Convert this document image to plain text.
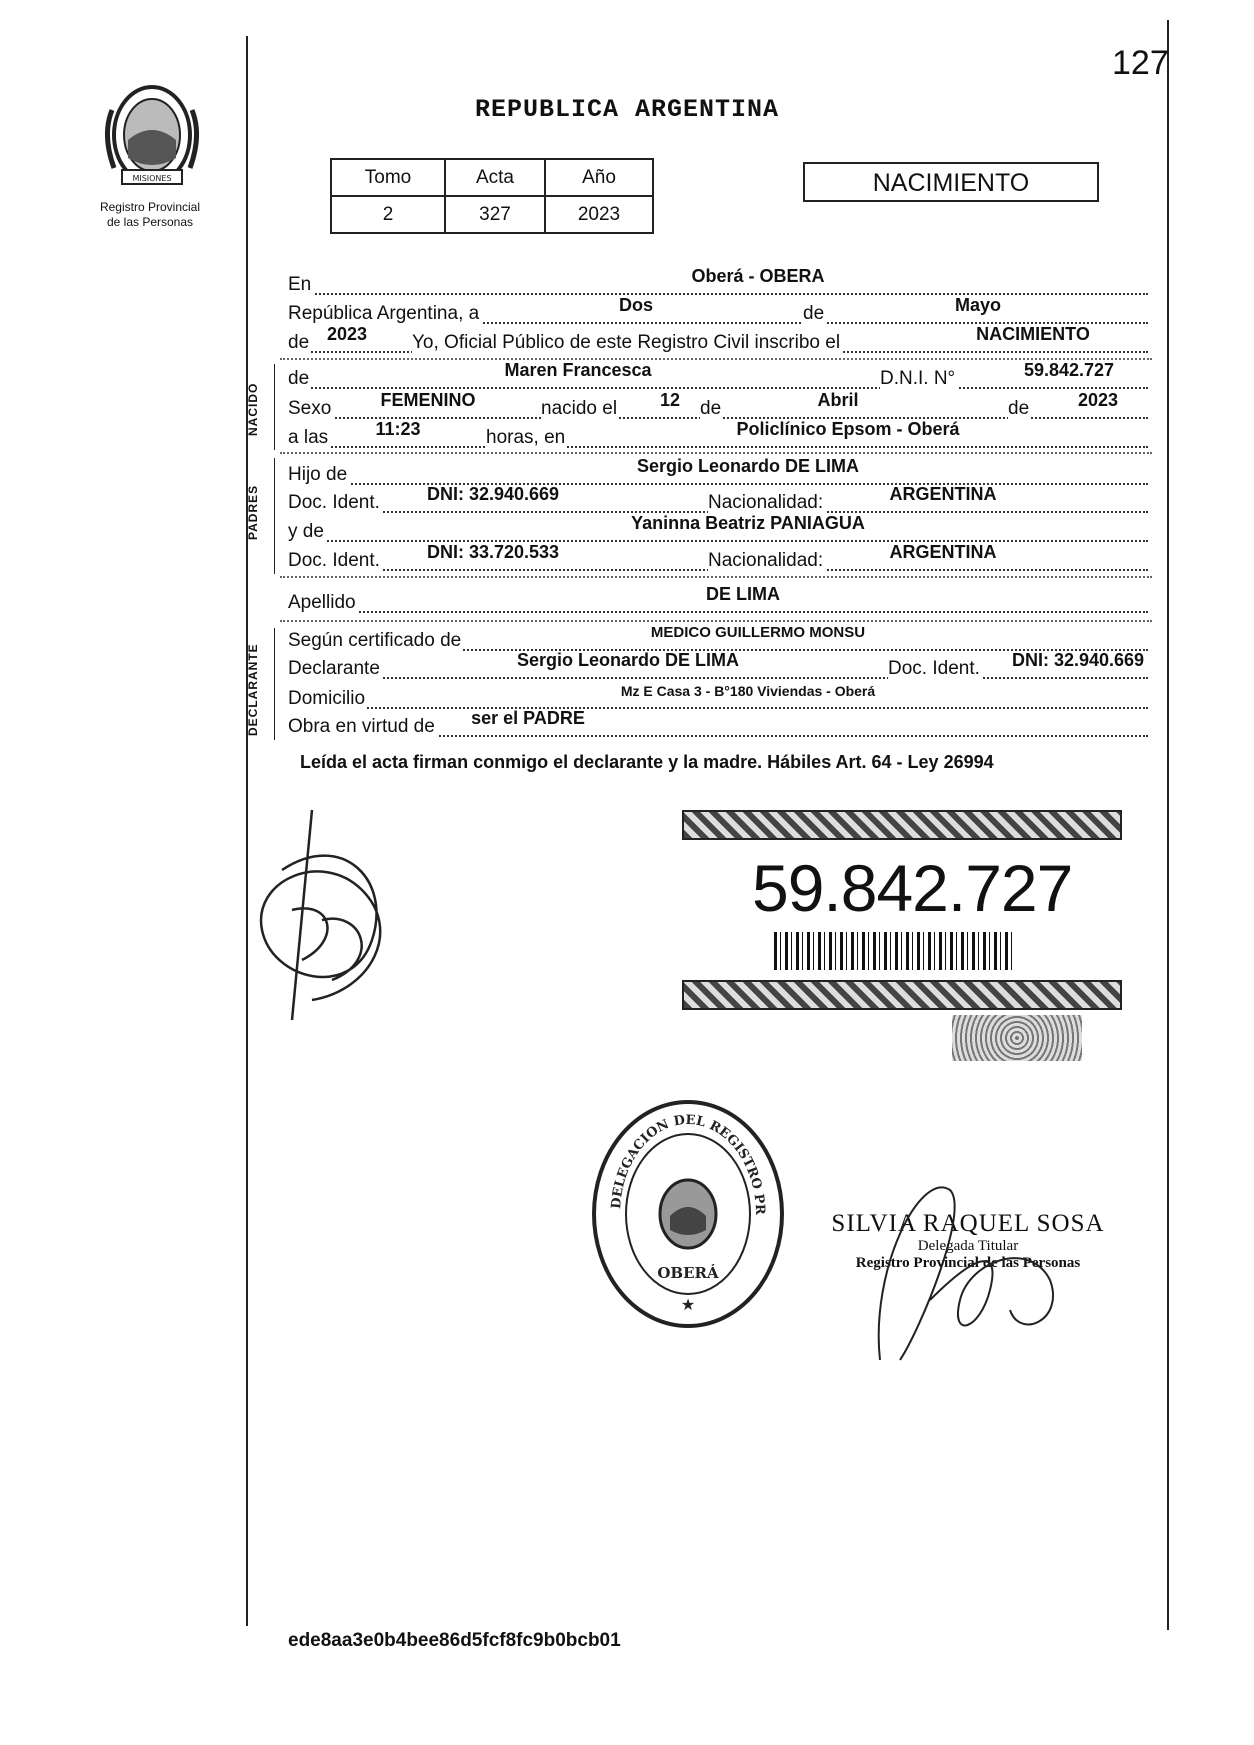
127
REPUBLICA ARGENTINA
MISIONES
Registro Provincial
de las Personas
Tomo	Acta	Año
2	327	2023
NACIMIENTO
En	Oberá - OBERA
República Argentina, a	Dos	de	Mayo
de 2023	Yo, Oficial Público de este Registro Civil inscribo el	NACIMIENTO
NACIDO
de	Maren Francesca	D.N.I. N°	59.842.727
Sexo	FEMENINO	nacido el	12	de	Abril	de	2023
a las	11:23	horas, en	Policlínico Epsom - Oberá
PADRES
Hijo de	Sergio Leonardo DE LIMA
Doc. Ident.	DNI: 32.940.669	Nacionalidad:	ARGENTINA
y de	Yaninna Beatriz PANIAGUA
Doc. Ident.	DNI: 33.720.533	Nacionalidad:	ARGENTINA
Apellido	DE LIMA
DECLARANTE
Según certificado de	MEDICO GUILLERMO MONSU
Declarante	Sergio Leonardo DE LIMA	Doc. Ident.	DNI: 32.940.669
Domicilio	Mz E Casa 3 - B°180 Viviendas - Oberá
Obra en virtud de	ser el PADRE
Leída el acta firman conmigo el declarante y la madre. Hábiles Art. 64 - Ley 26994
59.842.727
DELEGACION DEL REGISTRO PR
OBERÁ
★
SILVIA RAQUEL SOSA
Delegada Titular
Registro Provincial de las Personas
ede8aa3e0b4bee86d5fcf8fc9b0bcb01
